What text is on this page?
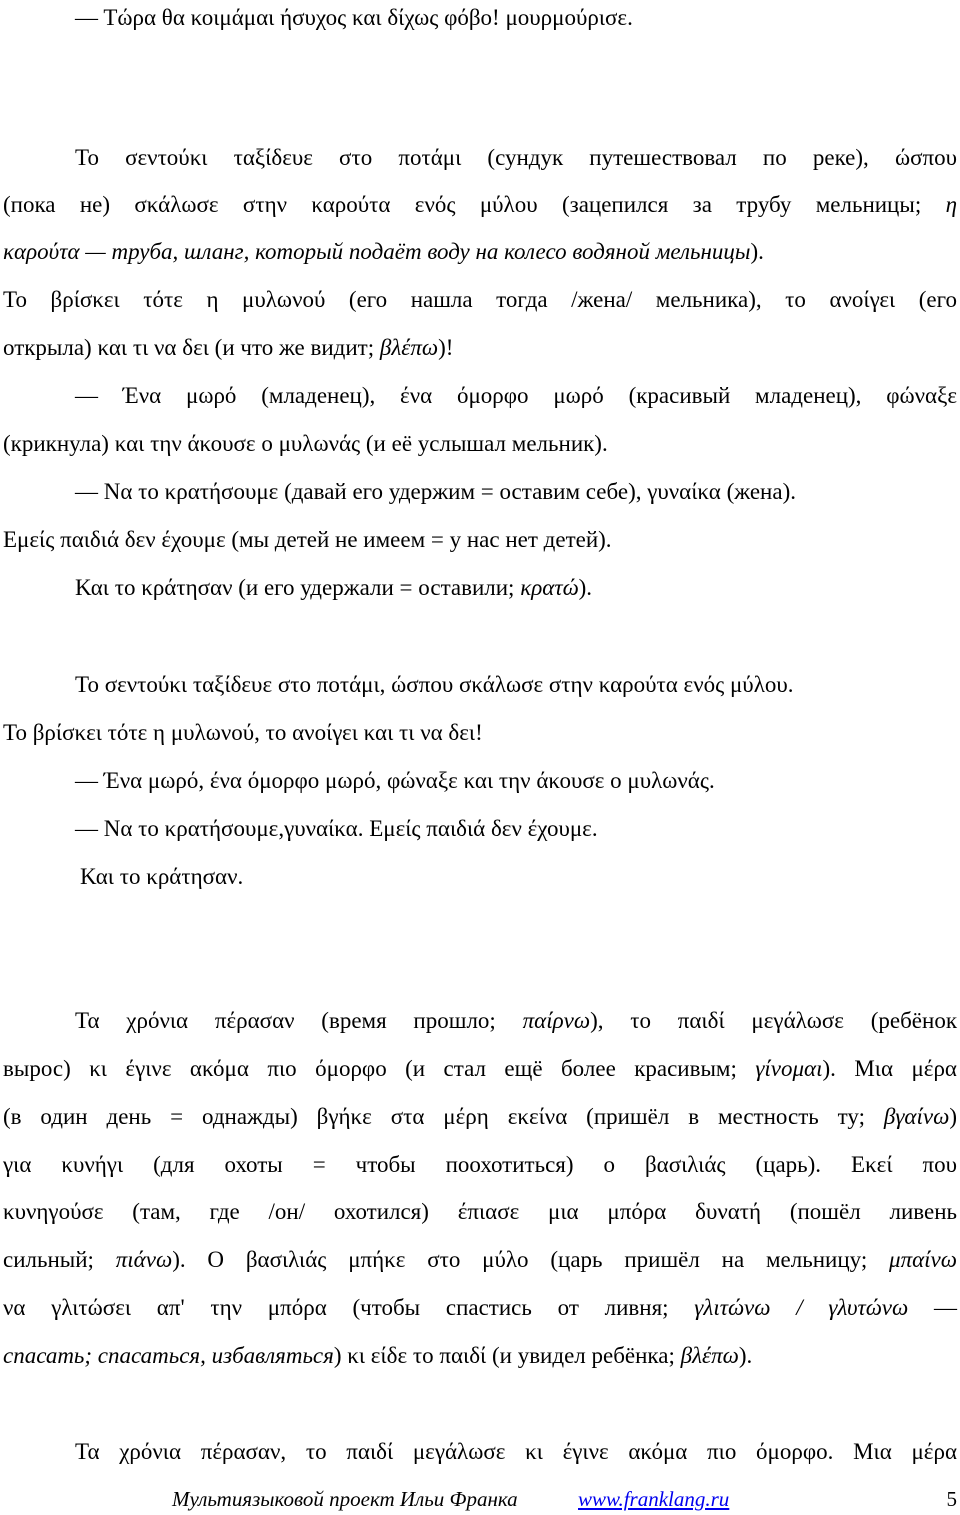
— Τώρα θα κοιμάμαι ήσυχος και δίχως φόβο! μουρμούρισε.
Το σεντούκι ταξίδευε στο ποτάμι (сундук путешествовал по реке), ώσπου
(пока не) σκάλωσε στην καρούτα ενός μύλου (зацепился за трубу мельницы; η
καρούτα — труба, шланг, который подаёт воду на колесо водяной мельницы).
Το βρίσκει τότε η μυλωνού (его нашла тогда /жена/ мельника), το ανοίγει (его
открыла) και τι να δει (и что же видит; βλέπω)!
— Ένα μωρό (младенец), ένα όμορφο μωρό (красивый младенец), φώναξε
(крикнула) και την άκουσε ο μυλωνάς (и её услышал мельник).
— Να το κρατήσουμε (давай его удержим = оставим себе), γυναίκα (жена).
Εμείς παιδιά δεν έχουμε (мы детей не имеем = у нас нет детей).
Και το κράτησαν (и его удержали = оставили; κρατώ).
Το σεντούκι ταξίδευε στο ποτάμι, ώσπου σκάλωσε στην καρούτα ενός μύλου.
Το βρίσκει τότε η μυλωνού, το ανοίγει και τι να δει!
— Ένα μωρό, ένα όμορφο μωρό, φώναξε και την άκουσε ο μυλωνάς.
— Να το κρατήσουμε,γυναίκα. Εμείς παιδιά δεν έχουμε.
Και το κράτησαν.
Τα χρόνια πέρασαν (время прошло; παίρνω), το παιδί μεγάλωσε (ребёнок
вырос) κι έγινε ακόμα πιο όμορφο (и стал ещё более красивым; γίνομαι). Μια μέρα
(в один день = однажды) βγήκε στα μέρη εκείνα (пришёл в местность ту; βγαίνω)
για κυνήγι (для охоты = чтобы поохотиться) ο βασιλιάς (царь). Εκεί που
κυνηγούσε (там, где /он/ охотился) έπιασε μια μπόρα δυνατή (пошёл ливень
сильный; πιάνω). Ο βασιλιάς μπήκε στο μύλο (царь пришёл на мельницу; μπαίνω
να γλιτώσει απ' την μπόρα (чтобы спастись от ливня; γλιτώνω / γλυτώνω —
спасать; спасаться, избавляться) κι είδε το παιδί (и увидел ребёнка; βλέπω).
Τα χρόνια πέρασαν, το παιδί μεγάλωσε κι έγινε ακόμα πιο όμορφο. Μια μέρα
Мультиязыковой проект Ильи Франка	www.franklang.ru	5
